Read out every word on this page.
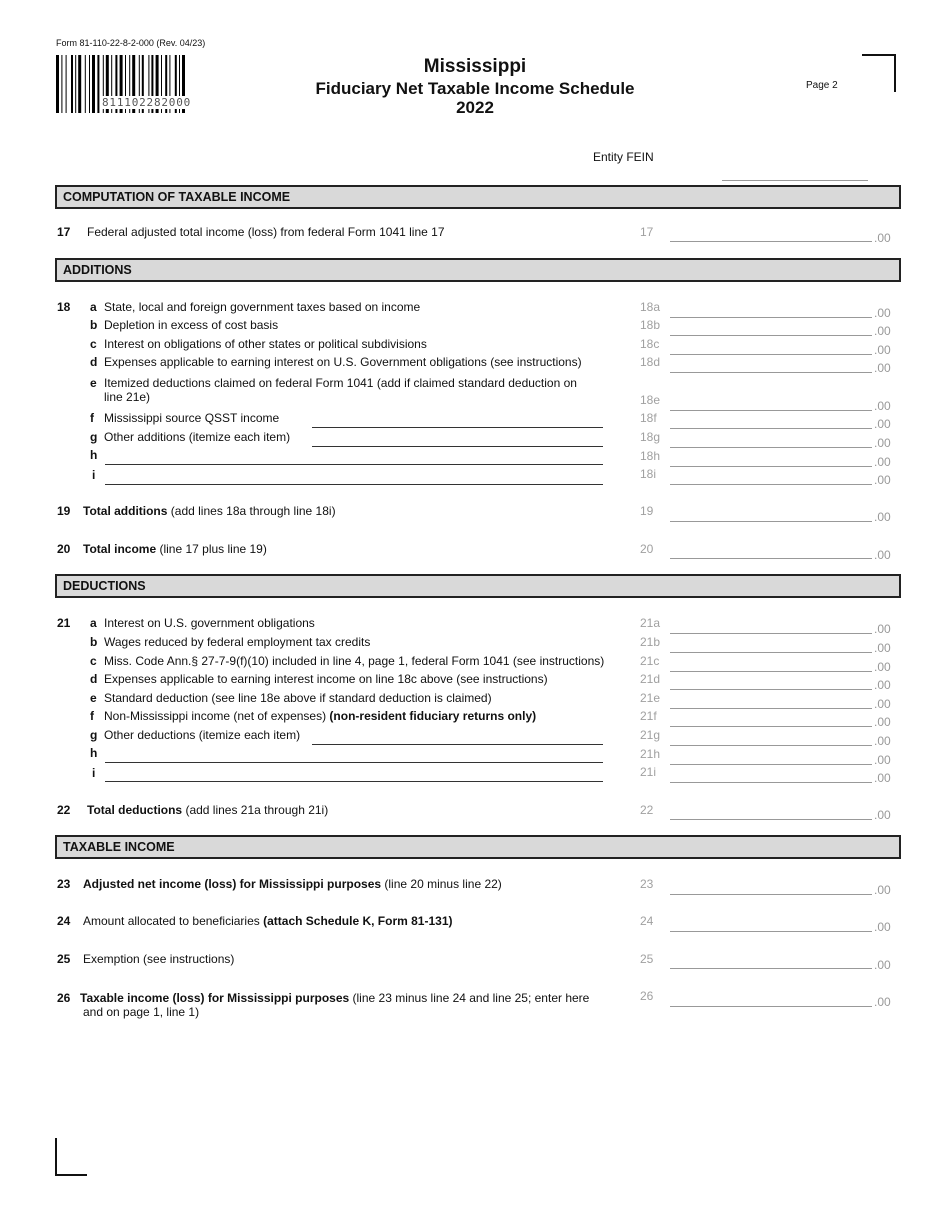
Form 81-110-22-8-2-000 (Rev. 04/23)
811102282000
Mississippi
Fiduciary Net Taxable Income Schedule
2022
Page 2
Entity FEIN
COMPUTATION OF TAXABLE INCOME
17 Federal adjusted total income (loss) from federal Form 1041 line 17	17	.00
ADDITIONS
18 a State, local and foreign government taxes based on income	18a	.00
b Depletion in excess of cost basis	18b	.00
c Interest on obligations of other states or political subdivisions	18c	.00
d Expenses applicable to earning interest on U.S. Government obligations (see instructions)	18d	.00
e Itemized deductions claimed on federal Form 1041 (add if claimed standard deduction on
line 21e)	18e	.00
f Mississippi source QSST income	18f	.00
g Other additions (itemize each item)	18g	.00
h	18h	.00
i	18i	.00
19 Total additions (add lines 18a through line 18i)	19	.00
20 Total income (line 17 plus line 19)	20	.00
DEDUCTIONS
21 a Interest on U.S. government obligations	21a	.00
b Wages reduced by federal employment tax credits	21b	.00
c Miss. Code Ann.§ 27-7-9(f)(10) included in line 4, page 1, federal Form 1041 (see instructions)	21c	.00
d Expenses applicable to earning interest income on line 18c above (see instructions)	21d	.00
e Standard deduction (see line 18e above if standard deduction is claimed)	21e	.00
f Non-Mississippi income (net of expenses) (non-resident fiduciary returns only)	21f	.00
g Other deductions (itemize each item)	21g	.00
h	21h	.00
i	21i	.00
22 Total deductions (add lines 21a through 21i)	22	.00
TAXABLE INCOME
23 Adjusted net income (loss) for Mississippi purposes (line 20 minus line 22)	23	.00
24 Amount allocated to beneficiaries (attach Schedule K, Form 81-131)	24	.00
25 Exemption (see instructions)	25	.00
26 Taxable income (loss) for Mississippi purposes (line 23 minus line 24 and line 25; enter here
and on page 1, line 1)
26	.00
